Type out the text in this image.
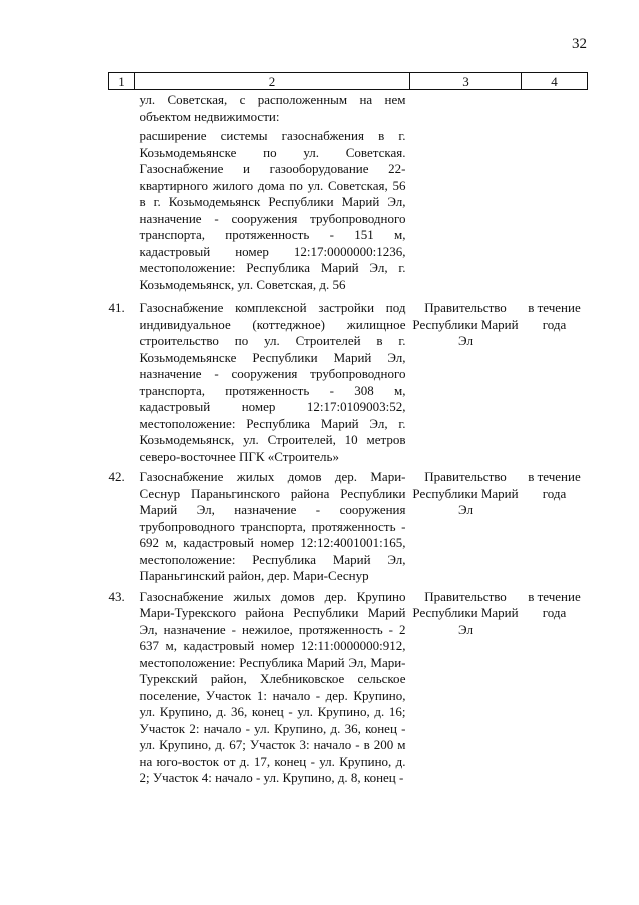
32
1	2	3	4

	ул. Советская, с расположенным на нем объектом недвижимости:

расширение системы газоснабжения в г. Козьмодемьянске по ул. Советская. Газоснабжение и газооборудование 22-квартирного жилого дома по ул. Советская, 56 в г. Козьмодемьянск Республики Марий Эл, назначение - сооружения трубопроводного транспорта, протяженность - 151 м, кадастровый номер 12:17:0000000:1236, местоположение: Республика Марий Эл, г. Козьмодемьянск, ул. Советская, д. 56		

41.	Газоснабжение комплексной застройки под индивидуальное (коттеджное) жилищное строительство по ул. Строителей в г. Козьмодемьянске Республики Марий Эл, назначение - сооружения трубопроводного транспорта, протяженность - 308 м, кадастровый номер 12:17:0109003:52, местоположение: Республика Марий Эл, г. Козьмодемьянск, ул. Строителей, 10 метров северо-восточнее ПГК «Строитель»	Правительство Республики Марий Эл	в течение года
42.	Газоснабжение жилых домов дер. Мари-Сеснур Параньгинского района Республики Марий Эл, назначение - сооружения трубопроводного транспорта, протяженность - 692 м, кадастровый номер 12:12:4001001:165, местоположение: Республика Марий Эл, Параньгинский район, дер. Мари-Сеснур	Правительство Республики Марий Эл	в течение года
43.	Газоснабжение жилых домов дер. Крупино Мари-Турекского района Республики Марий Эл, назначение - нежилое, протяженность - 2 637 м, кадастровый номер 12:11:0000000:912, местоположение: Республика Марий Эл, Мари-Турекский район, Хлебниковское сельское поселение, Участок 1: начало - дер. Крупино, ул. Крупино, д. 36, конец - ул. Крупино, д. 16; Участок 2: начало - ул. Крупино, д. 36, конец - ул. Крупино, д. 67; Участок 3: начало - в 200 м на юго-восток от д. 17, конец - ул. Крупино, д. 2; Участок 4: начало - ул. Крупино, д. 8, конец -	Правительство Республики Марий Эл	в течение года
